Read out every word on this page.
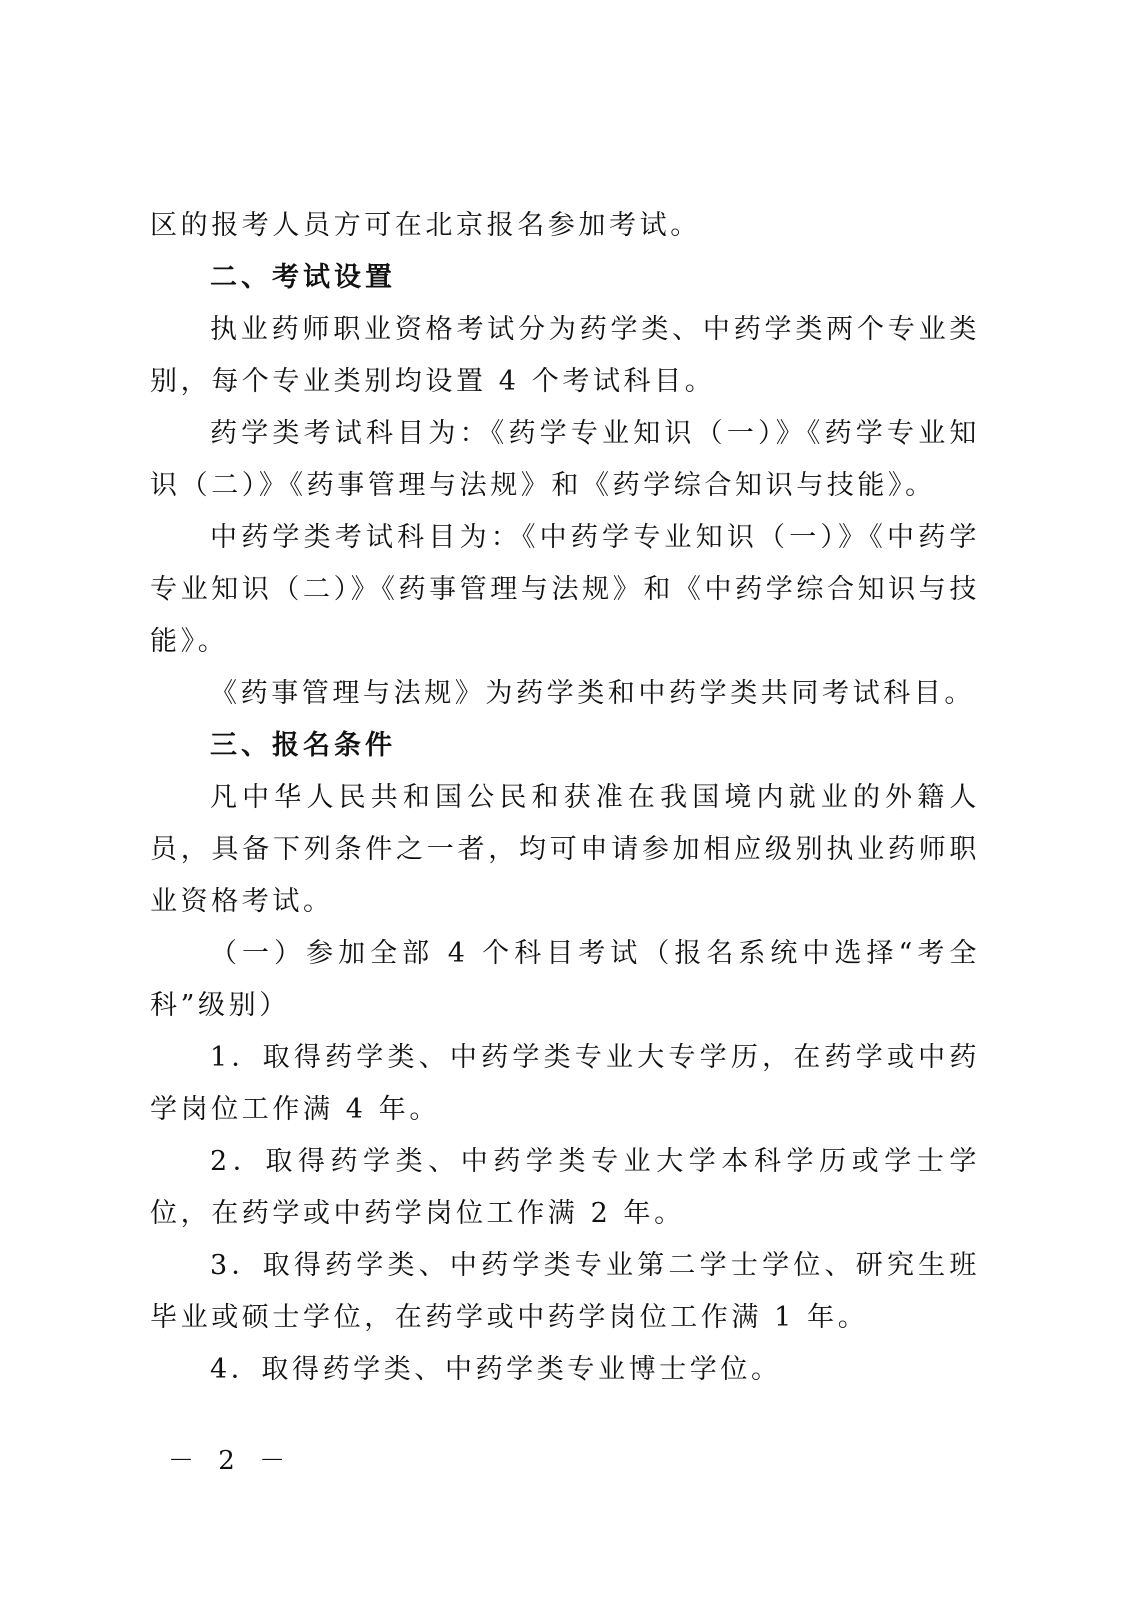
区的报考人员方可在北京报名参加考试。

二、考试设置

执业药师职业资格考试分为药学类、中药学类两个专业类别，每个专业类别均设置 4 个考试科目。

药学类考试科目为：《药学专业知识（一）》《药学专业知识（二）》《药事管理与法规》和《药学综合知识与技能》。

中药学类考试科目为：《中药学专业知识（一）》《中药学专业知识（二）》《药事管理与法规》和《中药学综合知识与技能》。

《药事管理与法规》为药学类和中药学类共同考试科目。

三、报名条件

凡中华人民共和国公民和获准在我国境内就业的外籍人员，具备下列条件之一者，均可申请参加相应级别执业药师职业资格考试。

（一）参加全部 4 个科目考试（报名系统中选择“考全科”级别）

1．取得药学类、中药学类专业大专学历，在药学或中药学岗位工作满 4 年。

2．取得药学类、中药学类专业大学本科学历或学士学位，在药学或中药学岗位工作满 2 年。

3．取得药学类、中药学类专业第二学士学位、研究生班毕业或硕士学位，在药学或中药学岗位工作满 1 年。

4．取得药学类、中药学类专业博士学位。

－ 2 －
